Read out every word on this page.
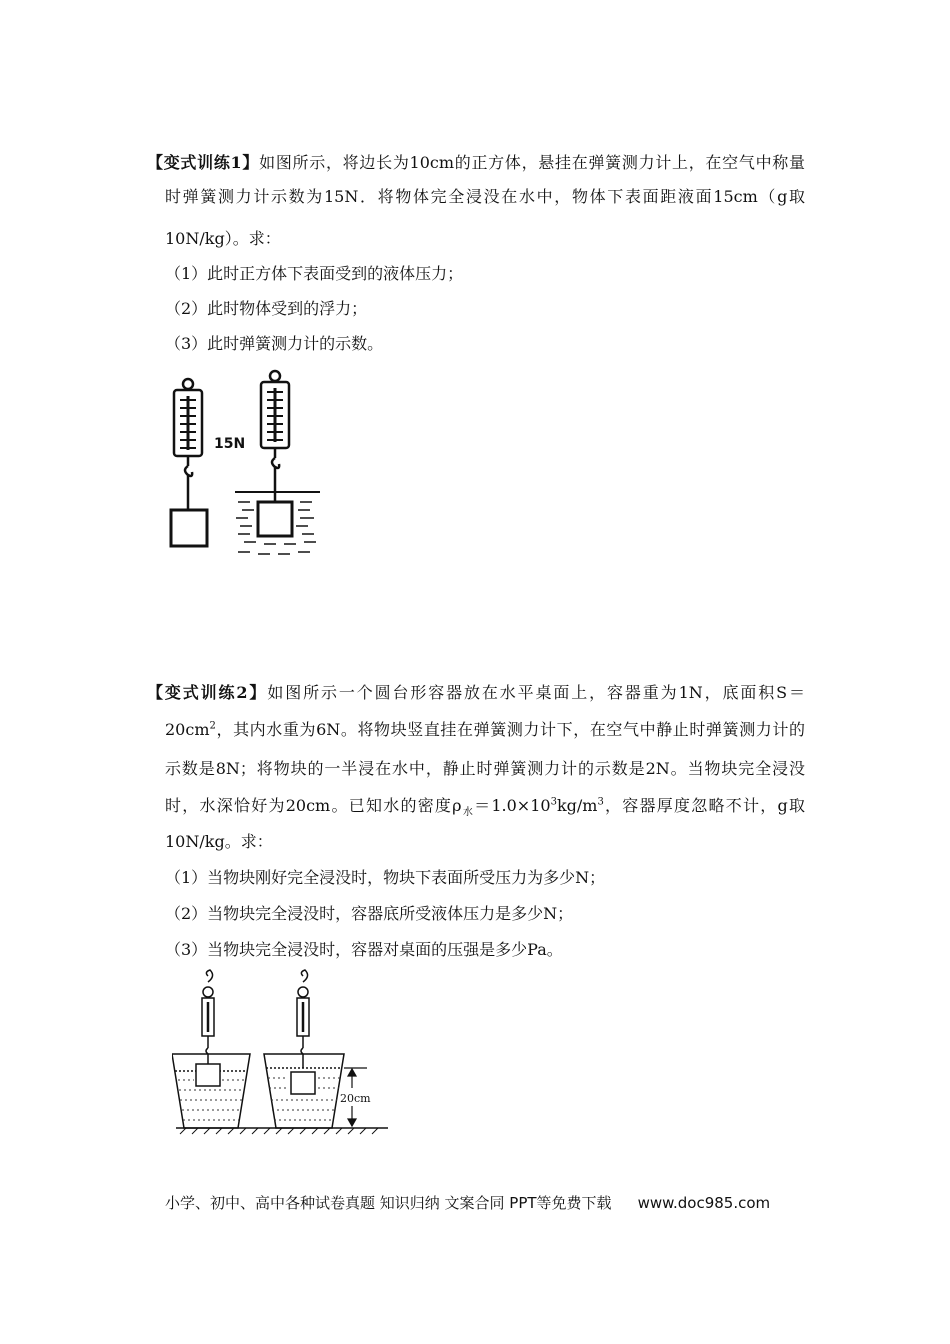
【变式训练1】如图所示，将边长为10cm的正方体，悬挂在弹簧测力计上，在空气中称量
时弹簧测力计示数为15N．将物体完全浸没在水中，物体下表面距液面15cm（g取
10N/kg）。求：
（1）此时正方体下表面受到的液体压力；
（2）此时物体受到的浮力；
（3）此时弹簧测力计的示数。
15N
【变式训练2】如图所示一个圆台形容器放在水平桌面上，容器重为1N，底面积S＝
$20cm^2$，其内水重为6N。将物块竖直挂在弹簧测力计下，在空气中静止时弹簧测力计的
示数是8N；将物块的一半浸在水中，静止时弹簧测力计的示数是2N。当物块完全浸没
时，水深恰好为20cm。已知水的密度$\rho_水=1.0\times 10^3kg/m^3$，容器厚度忽略不计，g取
10N/kg。求：
（1）当物块刚好完全浸没时，物块下表面所受压力为多少N；
（2）当物块完全浸没时，容器底所受液体压力是多少N；
（3）当物块完全浸没时，容器对桌面的压强是多少Pa。
20cm
小学、初中、高中各种试卷真题 知识归纳 文案合同 PPT等免费下载 www.doc985.com
